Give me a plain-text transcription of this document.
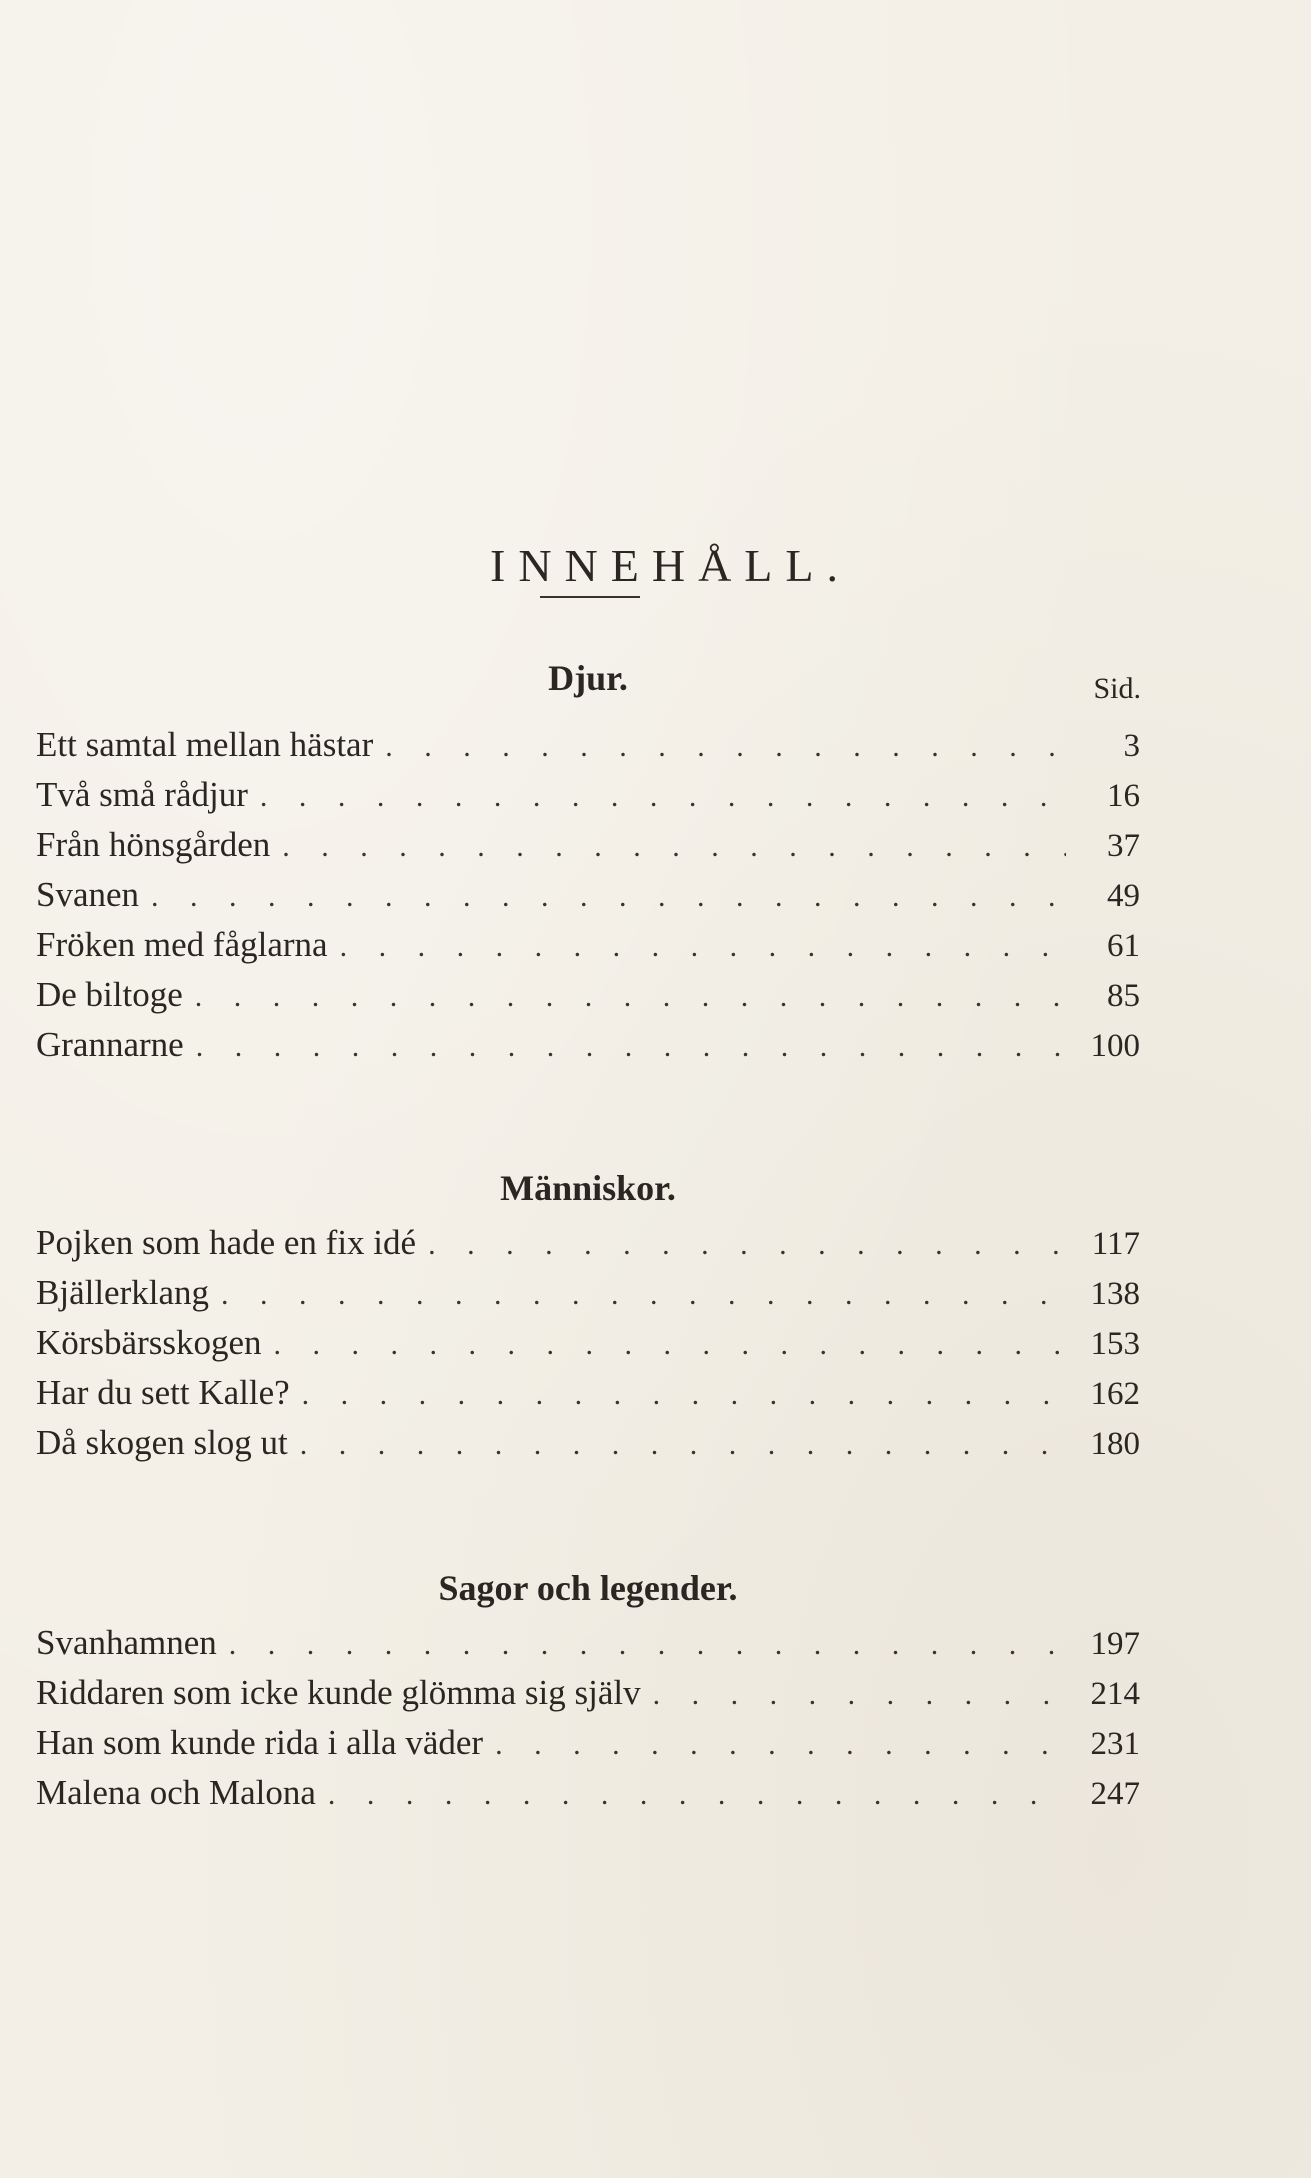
INNEHÅLL.
Djur.	Sid.
Ett samtal mellan hästar . . .	3
Två små rådjur . . .	16
Från hönsgården . . .	37
Svanen . . .	49
Fröken med fåglarna . . .	61
De biltoge . . .	85
Grannarne . . .	100
Människor.
Pojken som hade en fix idé . . .	117
Bjällerklang . . .	138
Körsbärsskogen . . .	153
Har du sett Kalle? . . .	162
Då skogen slog ut . . .	180
Sagor och legender.
Svanhamnen . . .	197
Riddaren som icke kunde glömma sig själv . . .	214
Han som kunde rida i alla väder . . .	231
Malena och Malona . . .	247
